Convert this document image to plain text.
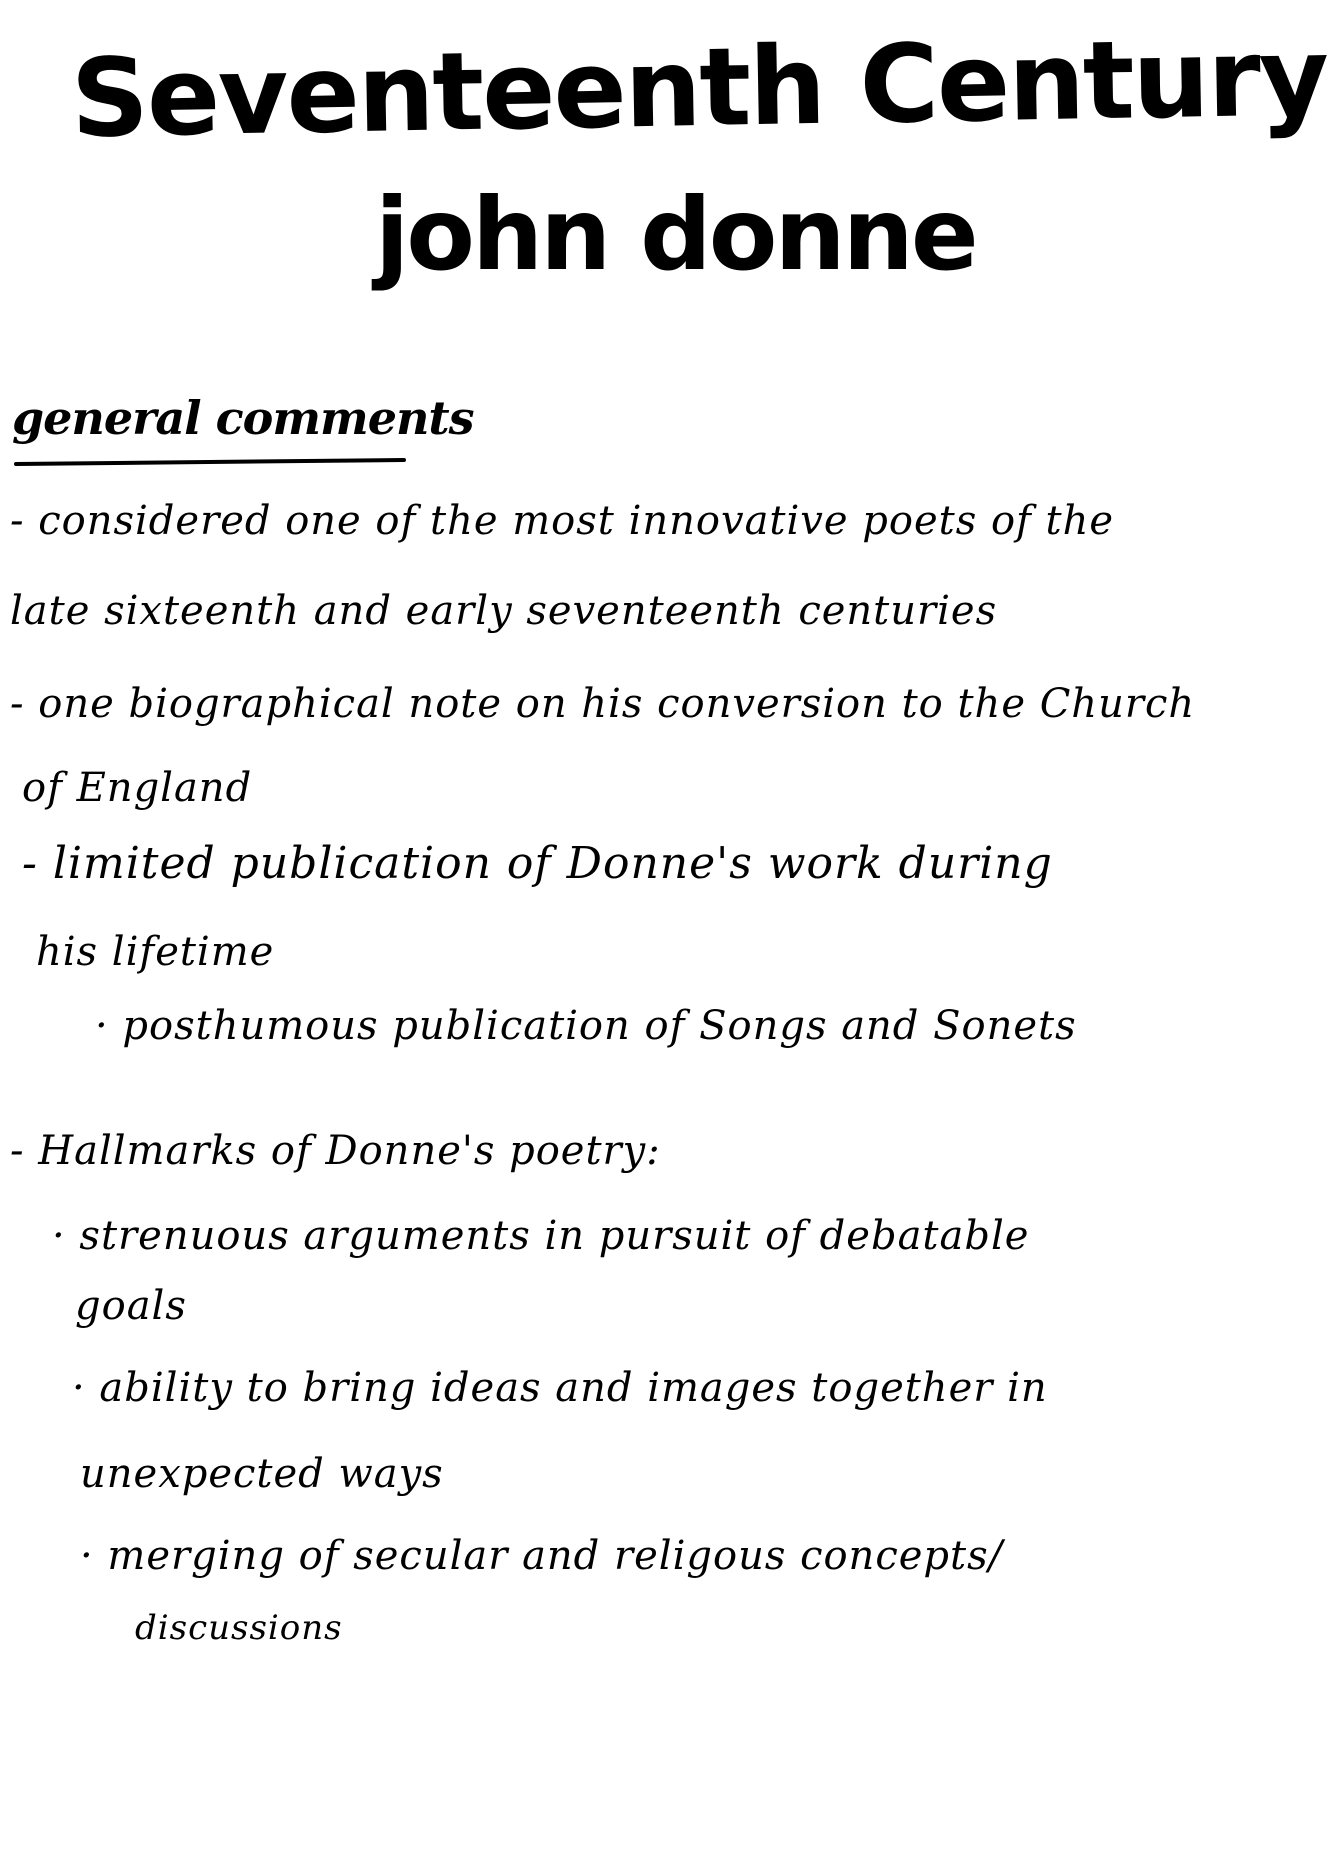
Seventeenth Century
john donne
general comments
- considered one of the most innovative poets of the
late sixteenth and early seventeenth centuries
- one biographical note on his conversion to the Church
of England
- limited publication of Donne's work during
his lifetime
· posthumous publication of Songs and Sonets
- Hallmarks of Donne's poetry:
· strenuous arguments in pursuit of debatable
goals
· ability to bring ideas and images together in
unexpected ways
· merging of secular and religous concepts/
discussions
